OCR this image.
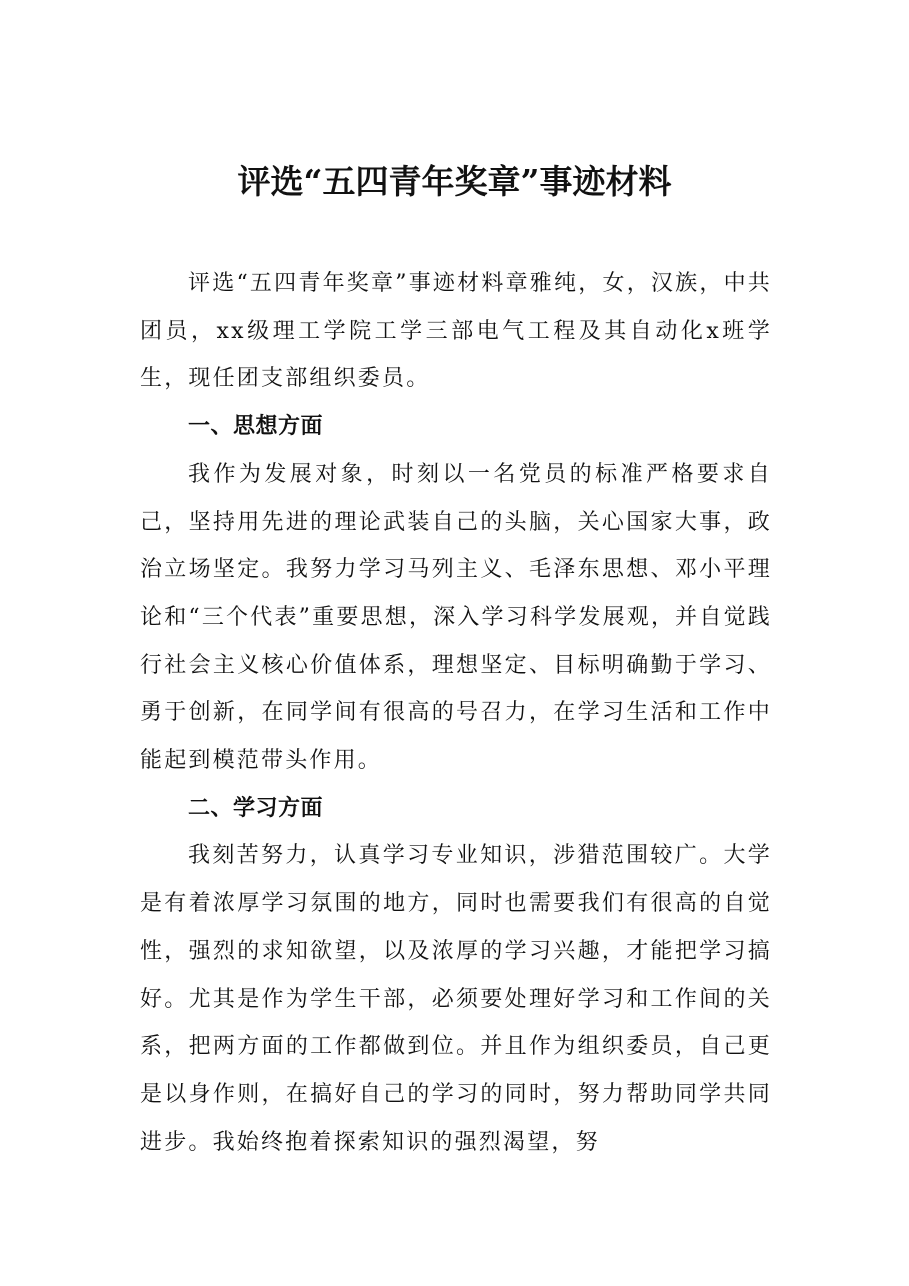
评选“五四青年奖章”事迹材料

评选“五四青年奖章”事迹材料章雅纯，女，汉族，中共团员，xx级理工学院工学三部电气工程及其自动化x班学生，现任团支部组织委员。

一、思想方面

我作为发展对象，时刻以一名党员的标准严格要求自己，坚持用先进的理论武装自己的头脑，关心国家大事，政治立场坚定。我努力学习马列主义、毛泽东思想、邓小平理论和“三个代表”重要思想，深入学习科学发展观，并自觉践行社会主义核心价值体系，理想坚定、目标明确勤于学习、勇于创新，在同学间有很高的号召力，在学习生活和工作中能起到模范带头作用。

二、学习方面

我刻苦努力，认真学习专业知识，涉猎范围较广。大学是有着浓厚学习氛围的地方，同时也需要我们有很高的自觉性，强烈的求知欲望，以及浓厚的学习兴趣，才能把学习搞好。尤其是作为学生干部，必须要处理好学习和工作间的关系，把两方面的工作都做到位。并且作为组织委员，自己更是以身作则，在搞好自己的学习的同时，努力帮助同学共同进步。我始终抱着探索知识的强烈渴望，努
